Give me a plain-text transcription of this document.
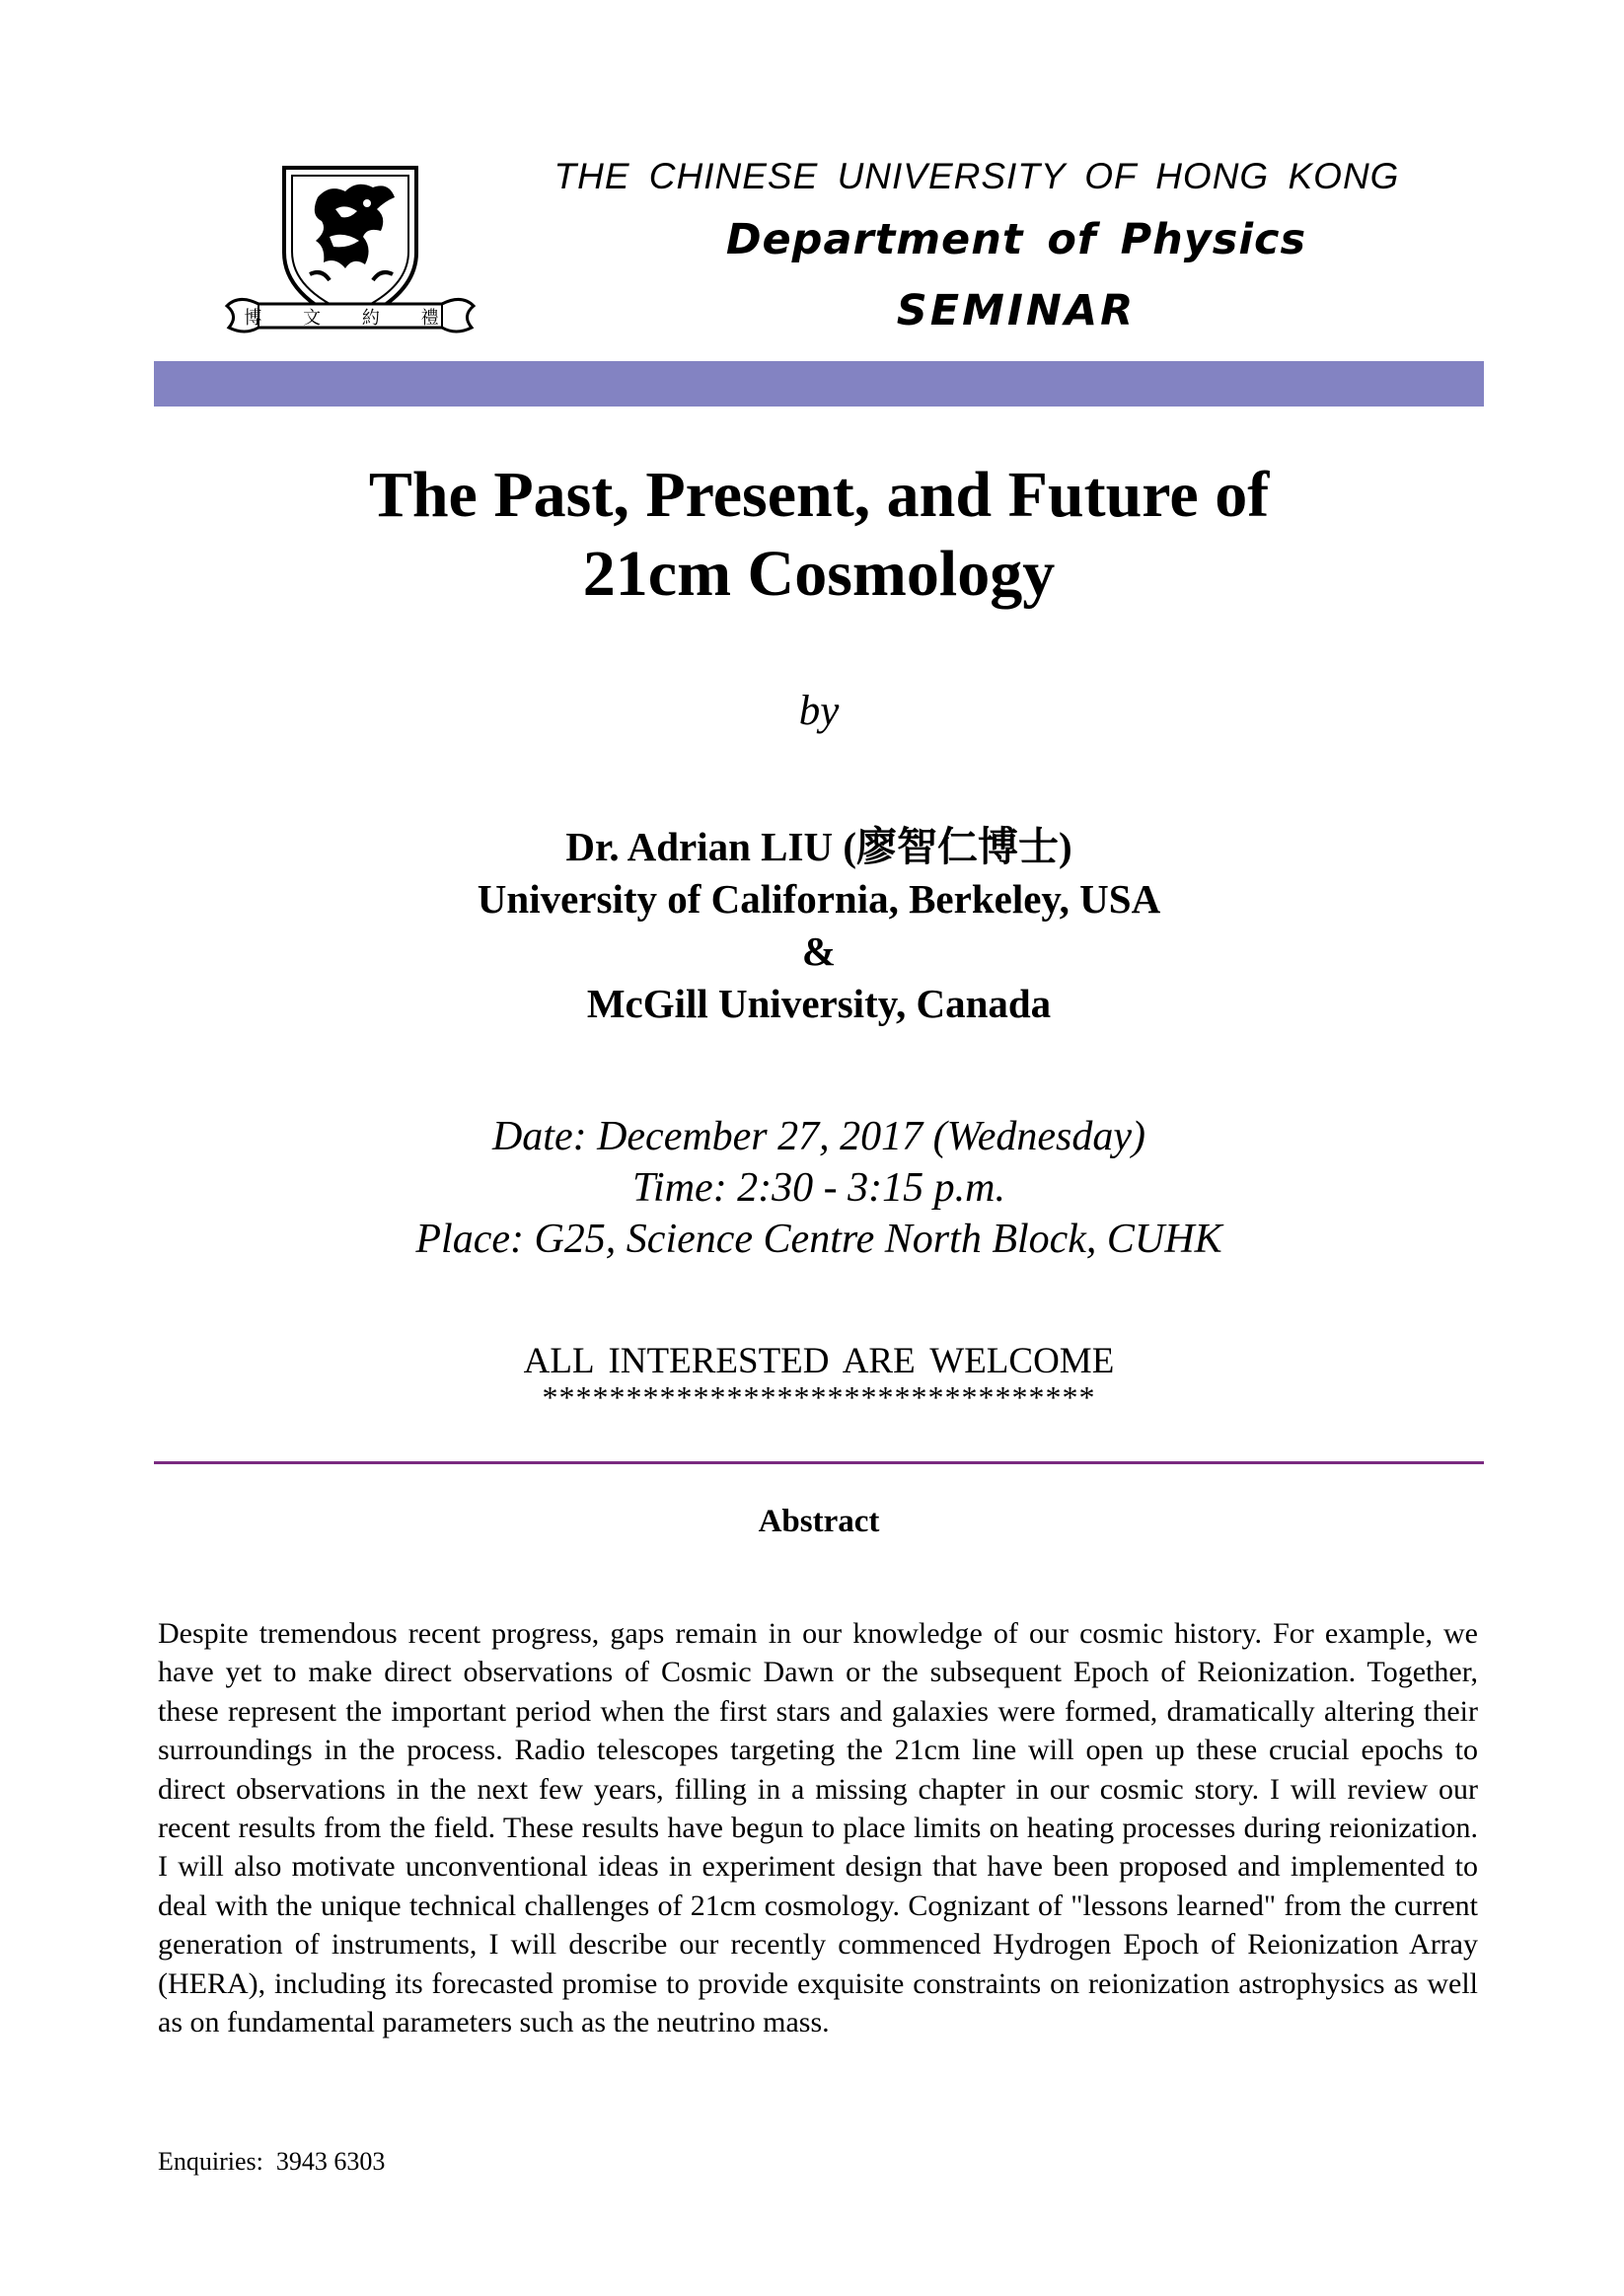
博 文 約 禮
THE CHINESE UNIVERSITY OF HONG KONG
Department of Physics
SEMINAR
The Past, Present, and Future of
21cm Cosmology
by
Dr. Adrian LIU (廖智仁博士)
University of California, Berkeley, USA
&
McGill University, Canada
Date: December 27, 2017 (Wednesday)
Time: 2:30 - 3:15 p.m.
Place: G25, Science Centre North Block, CUHK
ALL INTERESTED ARE WELCOME
*********************************
Abstract
Despite tremendous recent progress, gaps remain in our knowledge of our cosmic history. For example, we have yet to make direct observations of Cosmic Dawn or the subsequent Epoch of Reionization. Together, these represent the important period when the first stars and galaxies were formed, dramatically altering their surroundings in the process. Radio telescopes targeting the 21cm line will open up these crucial epochs to direct observations in the next few years, filling in a missing chapter in our cosmic story. I will review our recent results from the field. These results have begun to place limits on heating processes during reionization. I will also motivate unconventional ideas in experiment design that have been proposed and implemented to deal with the unique technical challenges of 21cm cosmology. Cognizant of "lessons learned" from the current generation of instruments, I will describe our recently commenced Hydrogen Epoch of Reionization Array (HERA), including its forecasted promise to provide exquisite constraints on reionization astrophysics as well as on fundamental parameters such as the neutrino mass.
Enquiries:  3943 6303
